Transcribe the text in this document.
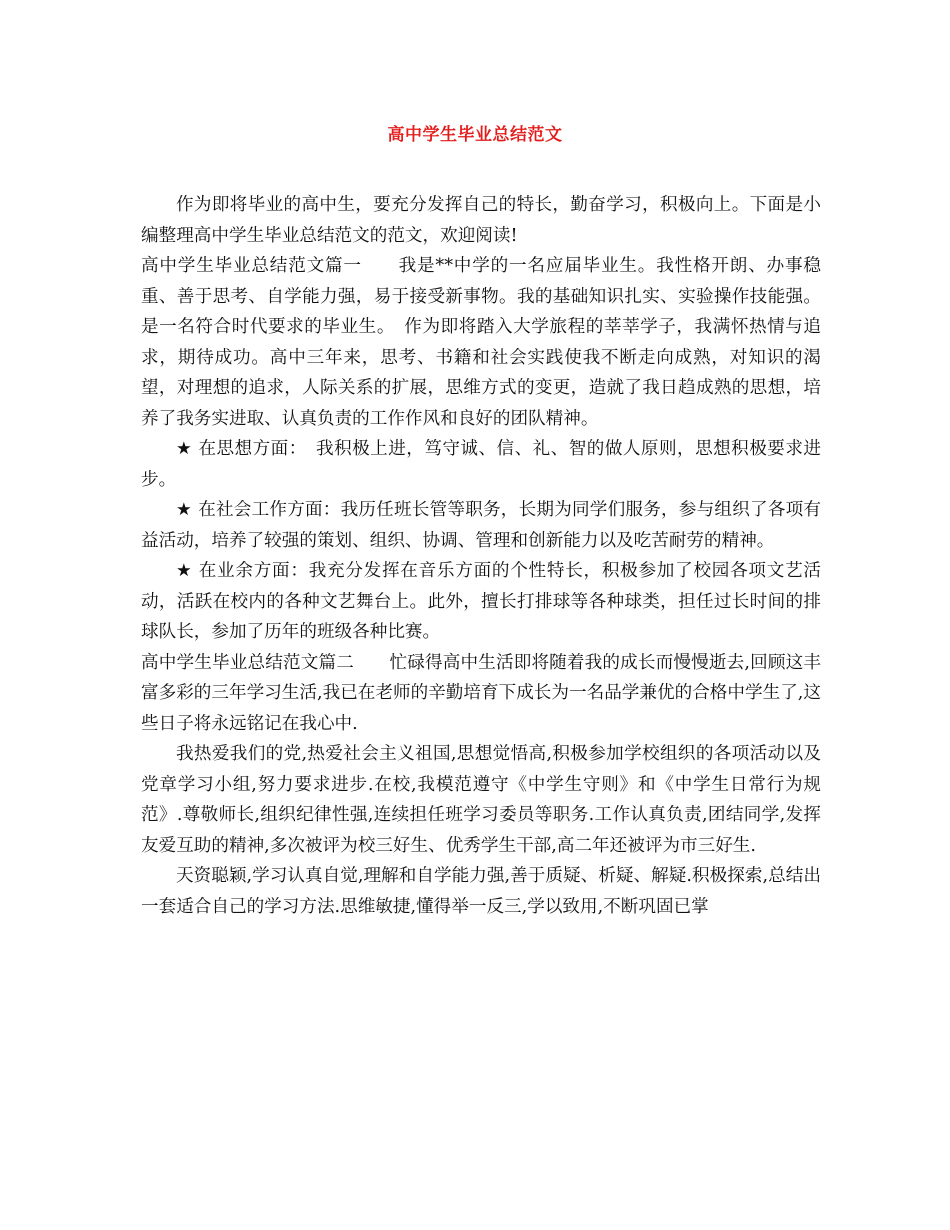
高中学生毕业总结范文

作为即将毕业的高中生，要充分发挥自己的特长，勤奋学习，积极向上。下面是小编整理高中学生毕业总结范文的范文，欢迎阅读!

高中学生毕业总结范文篇一　　我是**中学的一名应届毕业生。我性格开朗、办事稳重、善于思考、自学能力强，易于接受新事物。我的基础知识扎实、实验操作技能强。是一名符合时代要求的毕业生。　作为即将踏入大学旅程的莘莘学子，我满怀热情与追求，期待成功。高中三年来，思考、书籍和社会实践使我不断走向成熟，对知识的渴望，对理想的追求，人际关系的扩展，思维方式的变更，造就了我日趋成熟的思想，培养了我务实进取、认真负责的工作作风和良好的团队精神。

★ 在思想方面：　我积极上进，笃守诚、信、礼、智的做人原则，思想积极要求进步。

★ 在社会工作方面：我历任班长管等职务，长期为同学们服务，参与组织了各项有益活动，培养了较强的策划、组织、协调、管理和创新能力以及吃苦耐劳的精神。

★ 在业余方面：我充分发挥在音乐方面的个性特长，积极参加了校园各项文艺活动，活跃在校内的各种文艺舞台上。此外，擅长打排球等各种球类，担任过长时间的排球队长，参加了历年的班级各种比赛。

高中学生毕业总结范文篇二　　忙碌得高中生活即将随着我的成长而慢慢逝去,回顾这丰富多彩的三年学习生活,我已在老师的辛勤培育下成长为一名品学兼优的合格中学生了,这些日子将永远铭记在我心中.

我热爱我们的党,热爱社会主义祖国,思想觉悟高,积极参加学校组织的各项活动以及党章学习小组,努力要求进步.在校,我模范遵守《中学生守则》和《中学生日常行为规范》.尊敬师长,组织纪律性强,连续担任班学习委员等职务.工作认真负责,团结同学,发挥友爱互助的精神,多次被评为校三好生、优秀学生干部,高二年还被评为市三好生.

天资聪颖,学习认真自觉,理解和自学能力强,善于质疑、析疑、解疑.积极探索,总结出一套适合自己的学习方法.思维敏捷,懂得举一反三,学以致用,不断巩固已掌
